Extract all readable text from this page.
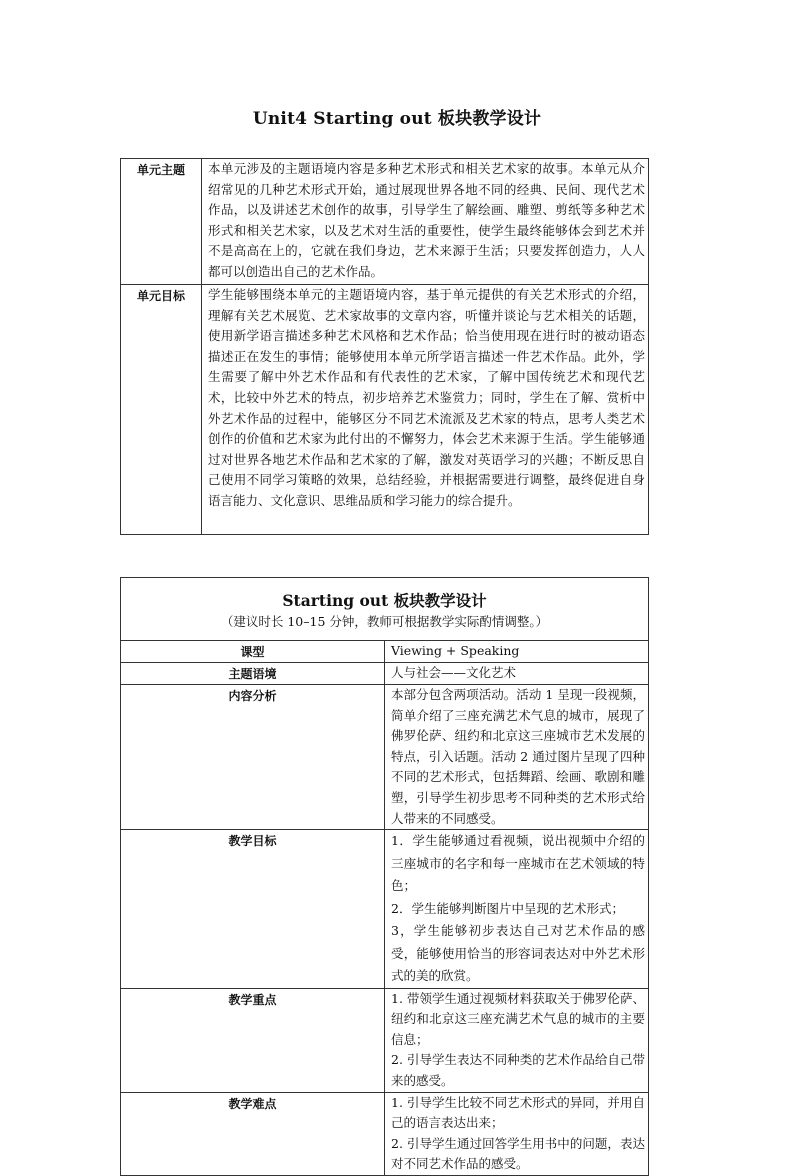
Unit4 Starting out 板块教学设计
单元主题	本单元涉及的主题语境内容是多种艺术形式和相关艺术家的故事。本单元从介绍常见的几种艺术形式开始，通过展现世界各地不同的经典、民间、现代艺术作品，以及讲述艺术创作的故事，引导学生了解绘画、雕塑、剪纸等多种艺术形式和相关艺术家，以及艺术对生活的重要性，使学生最终能够体会到艺术并不是高高在上的，它就在我们身边，艺术来源于生活；只要发挥创造力，人人都可以创造出自己的艺术作品。
单元目标	学生能够围绕本单元的主题语境内容，基于单元提供的有关艺术形式的介绍，理解有关艺术展览、艺术家故事的文章内容，听懂并谈论与艺术相关的话题，使用新学语言描述多种艺术风格和艺术作品；恰当使用现在进行时的被动语态描述正在发生的事情；能够使用本单元所学语言描述一件艺术作品。此外，学生需要了解中外艺术作品和有代表性的艺术家，了解中国传统艺术和现代艺术，比较中外艺术的特点，初步培养艺术鉴赏力；同时，学生在了解、赏析中外艺术作品的过程中，能够区分不同艺术流派及艺术家的特点，思考人类艺术创作的价值和艺术家为此付出的不懈努力，体会艺术来源于生活。学生能够通过对世界各地艺术作品和艺术家的了解，激发对英语学习的兴趣；不断反思自己使用不同学习策略的效果，总结经验，并根据需要进行调整，最终促进自身语言能力、文化意识、思维品质和学习能力的综合提升。
Starting out 板块教学设计
（建议时长 10–15 分钟，教师可根据教学实际酌情调整。）	

课型	Viewing + Speaking
主题语境	人与社会——文化艺术
内容分析	本部分包含两项活动。活动 1 呈现一段视频，简单介绍了三座充满艺术气息的城市，展现了佛罗伦萨、纽约和北京这三座城市艺术发展的特点，引入话题。活动 2 通过图片呈现了四种不同的艺术形式，包括舞蹈、绘画、歌剧和雕塑，引导学生初步思考不同种类的艺术形式给人带来的不同感受。
教学目标	1．学生能够通过看视频，说出视频中介绍的三座城市的名字和每一座城市在艺术领域的特色；
2．学生能够判断图片中呈现的艺术形式；
3，学生能够初步表达自己对艺术作品的感受，能够使用恰当的形容词表达对中外艺术形式的美的欣赏。

教学重点	1. 带领学生通过视频材料获取关于佛罗伦萨、纽约和北京这三座充满艺术气息的城市的主要信息；
2. 引导学生表达不同种类的艺术作品给自己带来的感受。

教学难点	1. 引导学生比较不同艺术形式的异同，并用自己的语言表达出来；
2. 引导学生通过回答学生用书中的问题，表达对不同艺术作品的感受。
